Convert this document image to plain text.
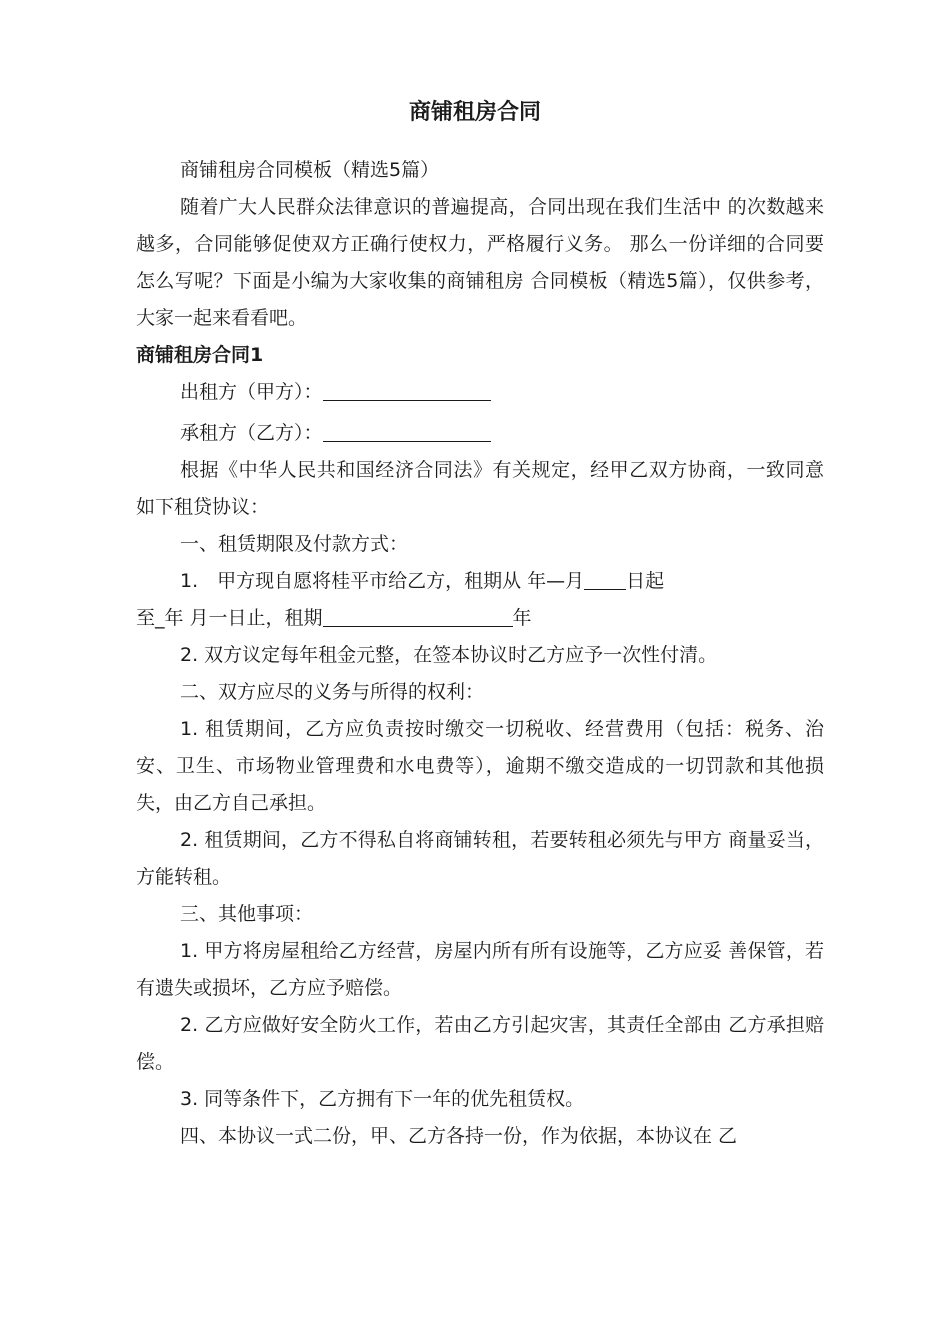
商铺租房合同

商铺租房合同模板（精选5篇）

随着广大人民群众法律意识的普遍提高，合同出现在我们生活中 的次数越来越多，合同能够促使双方正确行使权力，严格履行义务。 那么一份详细的合同要怎么写呢？下面是小编为大家收集的商铺租房 合同模板（精选5篇），仅供参考，大家一起来看看吧。

商铺租房合同1

出租方（甲方）：

承租方（乙方）：

根据《中华人民共和国经济合同法》有关规定，经甲乙双方协商，一致同意如下租贷协议：

一、租赁期限及付款方式：

1.　甲方现自愿将桂平市给乙方，租期从 年—月 日起

至_年 月一日止，租期	年

2. 双方议定每年租金元整，在签本协议时乙方应予一次性付清。

二、双方应尽的义务与所得的权利：

1. 租赁期间，乙方应负责按时缴交一切税收、经营费用（包括：税务、治安、卫生、市场物业管理费和水电费等），逾期不缴交造成的一切罚款和其他损失，由乙方自己承担。

2. 租赁期间，乙方不得私自将商铺转租，若要转租必须先与甲方 商量妥当，方能转租。

三、其他事项：

1. 甲方将房屋租给乙方经营，房屋内所有所有设施等，乙方应妥 善保管，若有遗失或损坏，乙方应予赔偿。

2. 乙方应做好安全防火工作，若由乙方引起灾害，其责任全部由 乙方承担赔偿。

3. 同等条件下，乙方拥有下一年的优先租赁权。

四、本协议一式二份，甲、乙方各持一份，作为依据，本协议在 乙
